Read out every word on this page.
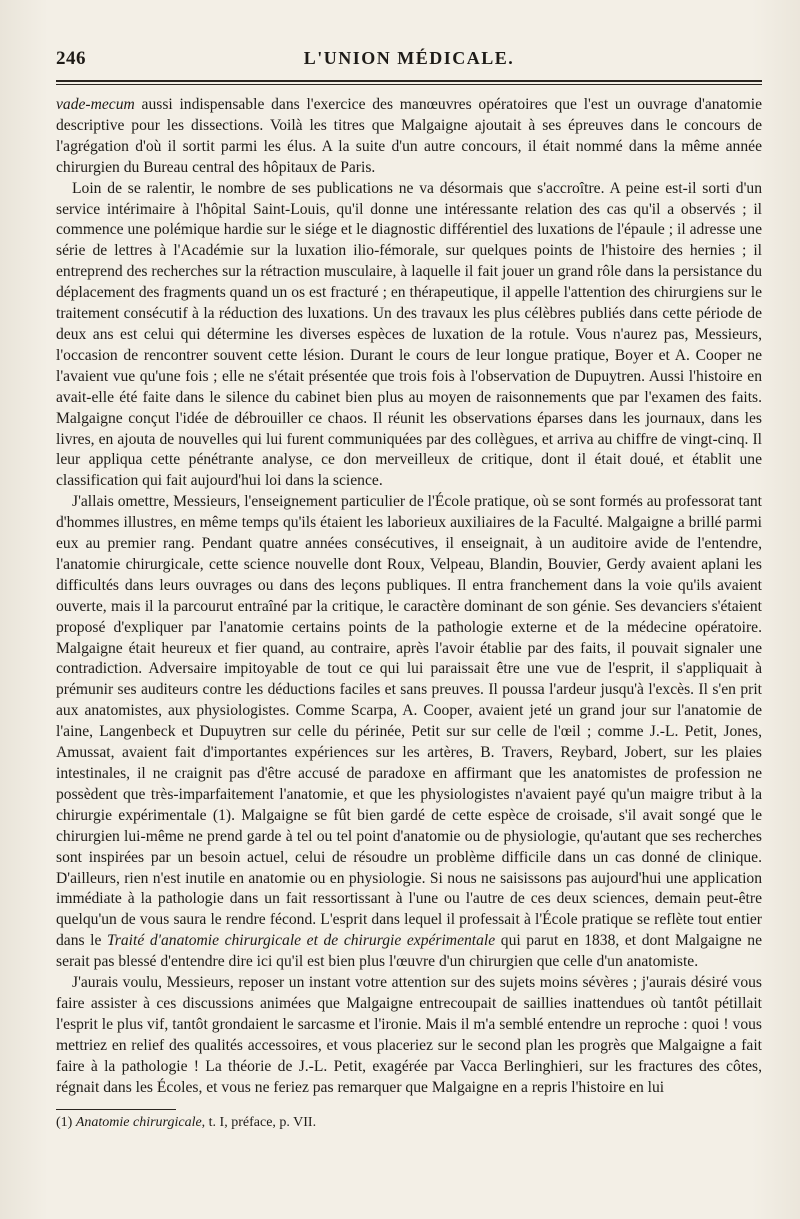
246	L'UNION MÉDICALE.

vade-mecum aussi indispensable dans l'exercice des manœuvres opératoires que l'est un ouvrage d'anatomie descriptive pour les dissections. Voilà les titres que Malgaigne ajoutait à ses épreuves dans le concours de l'agrégation d'où il sortit parmi les élus. A la suite d'un autre concours, il était nommé dans la même année chirurgien du Bureau central des hôpitaux de Paris.

Loin de se ralentir, le nombre de ses publications ne va désormais que s'accroître. A peine est-il sorti d'un service intérimaire à l'hôpital Saint-Louis, qu'il donne une intéressante relation des cas qu'il a observés ; il commence une polémique hardie sur le siége et le diagnostic différentiel des luxations de l'épaule ; il adresse une série de lettres à l'Académie sur la luxation ilio-fémorale, sur quelques points de l'histoire des hernies ; il entreprend des recherches sur la rétraction musculaire, à laquelle il fait jouer un grand rôle dans la persistance du déplacement des fragments quand un os est fracturé ; en thérapeutique, il appelle l'attention des chirurgiens sur le traitement consécutif à la réduction des luxations. Un des travaux les plus célèbres publiés dans cette période de deux ans est celui qui détermine les diverses espèces de luxation de la rotule. Vous n'aurez pas, Messieurs, l'occasion de rencontrer souvent cette lésion. Durant le cours de leur longue pratique, Boyer et A. Cooper ne l'avaient vue qu'une fois ; elle ne s'était présentée que trois fois à l'observation de Dupuytren. Aussi l'histoire en avait-elle été faite dans le silence du cabinet bien plus au moyen de raisonnements que par l'examen des faits. Malgaigne conçut l'idée de débrouiller ce chaos. Il réunit les observations éparses dans les journaux, dans les livres, en ajouta de nouvelles qui lui furent communiquées par des collègues, et arriva au chiffre de vingt-cinq. Il leur appliqua cette pénétrante analyse, ce don merveilleux de critique, dont il était doué, et établit une classification qui fait aujourd'hui loi dans la science.

J'allais omettre, Messieurs, l'enseignement particulier de l'École pratique, où se sont formés au professorat tant d'hommes illustres, en même temps qu'ils étaient les laborieux auxiliaires de la Faculté. Malgaigne a brillé parmi eux au premier rang. Pendant quatre années consécutives, il enseignait, à un auditoire avide de l'entendre, l'anatomie chirurgicale, cette science nouvelle dont Roux, Velpeau, Blandin, Bouvier, Gerdy avaient aplani les difficultés dans leurs ouvrages ou dans des leçons publiques. Il entra franchement dans la voie qu'ils avaient ouverte, mais il la parcourut entraîné par la critique, le caractère dominant de son génie. Ses devanciers s'étaient proposé d'expliquer par l'anatomie certains points de la pathologie externe et de la médecine opératoire. Malgaigne était heureux et fier quand, au contraire, après l'avoir établie par des faits, il pouvait signaler une contradiction. Adversaire impitoyable de tout ce qui lui paraissait être une vue de l'esprit, il s'appliquait à prémunir ses auditeurs contre les déductions faciles et sans preuves. Il poussa l'ardeur jusqu'à l'excès. Il s'en prit aux anatomistes, aux physiologistes. Comme Scarpa, A. Cooper, avaient jeté un grand jour sur l'anatomie de l'aine, Langenbeck et Dupuytren sur celle du périnée, Petit sur sur celle de l'œil ; comme J.-L. Petit, Jones, Amussat, avaient fait d'importantes expériences sur les artères, B. Travers, Reybard, Jobert, sur les plaies intestinales, il ne craignit pas d'être accusé de paradoxe en affirmant que les anatomistes de profession ne possèdent que très-imparfaitement l'anatomie, et que les physiologistes n'avaient payé qu'un maigre tribut à la chirurgie expérimentale (1). Malgaigne se fût bien gardé de cette espèce de croisade, s'il avait songé que le chirurgien lui-même ne prend garde à tel ou tel point d'anatomie ou de physiologie, qu'autant que ses recherches sont inspirées par un besoin actuel, celui de résoudre un problème difficile dans un cas donné de clinique. D'ailleurs, rien n'est inutile en anatomie ou en physiologie. Si nous ne saisissons pas aujourd'hui une application immédiate à la pathologie dans un fait ressortissant à l'une ou l'autre de ces deux sciences, demain peut-être quelqu'un de vous saura le rendre fécond. L'esprit dans lequel il professait à l'École pratique se reflète tout entier dans le Traité d'anatomie chirurgicale et de chirurgie expérimentale qui parut en 1838, et dont Malgaigne ne serait pas blessé d'entendre dire ici qu'il est bien plus l'œuvre d'un chirurgien que celle d'un anatomiste.

J'aurais voulu, Messieurs, reposer un instant votre attention sur des sujets moins sévères ; j'aurais désiré vous faire assister à ces discussions animées que Malgaigne entrecoupait de saillies inattendues où tantôt pétillait l'esprit le plus vif, tantôt grondaient le sarcasme et l'ironie. Mais il m'a semblé entendre un reproche : quoi ! vous mettriez en relief des qualités accessoires, et vous placeriez sur le second plan les progrès que Malgaigne a fait faire à la pathologie ! La théorie de J.-L. Petit, exagérée par Vacca Berlinghieri, sur les fractures des côtes, régnait dans les Écoles, et vous ne feriez pas remarquer que Malgaigne en a repris l'histoire en lui

(1) Anatomie chirurgicale, t. I, préface, p. VII.
